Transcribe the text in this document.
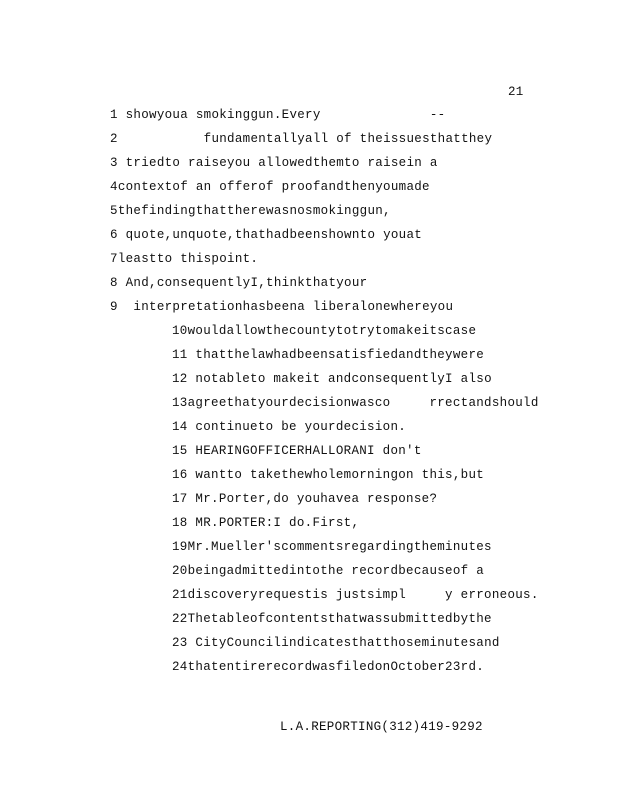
21
1 showyoua smokinggun.Every              --
2           fundamentallyall of theissuesthatthey
3 triedto raiseyou allowedthemto raisein a
4contextof an offerof proofandthenyoumade
5thefindingthattherewasnosmokinggun,
6 quote,unquote,thathadbeenshownto youat
7leastto thispoint.
8 And,consequentlyI,thinkthatyour
9 interpretationhasbeena liberalonewhereyou
10wouldallowthecountytotrytomakeitscase
11 thatthelawhadbeensatisfiedandtheywere
12 notableto makeit andconsequentlyI also
13agreethatyourdecisionwasco     rrectandshould
14 continueto be yourdecision.
15 HEARINGOFFICERHALLORANI don't
16 wantto takethewholemorningon this,but
17 Mr.Porter,do youhavea response?
18 MR.PORTER:I do.First,
19Mr.Mueller'scommentsregardingtheminutes
20beingadmittedintothe recordbecauseof a
21discoveryrequestis justsimpl     y erroneous.
22Thetableofcontentsthatwassubmittedbythe
23 CityCouncilindicatesthatthoseminutesand
24thatentirerecordwasfiledonOctober23rd.
L.A.REPORTING(312)419-9292
